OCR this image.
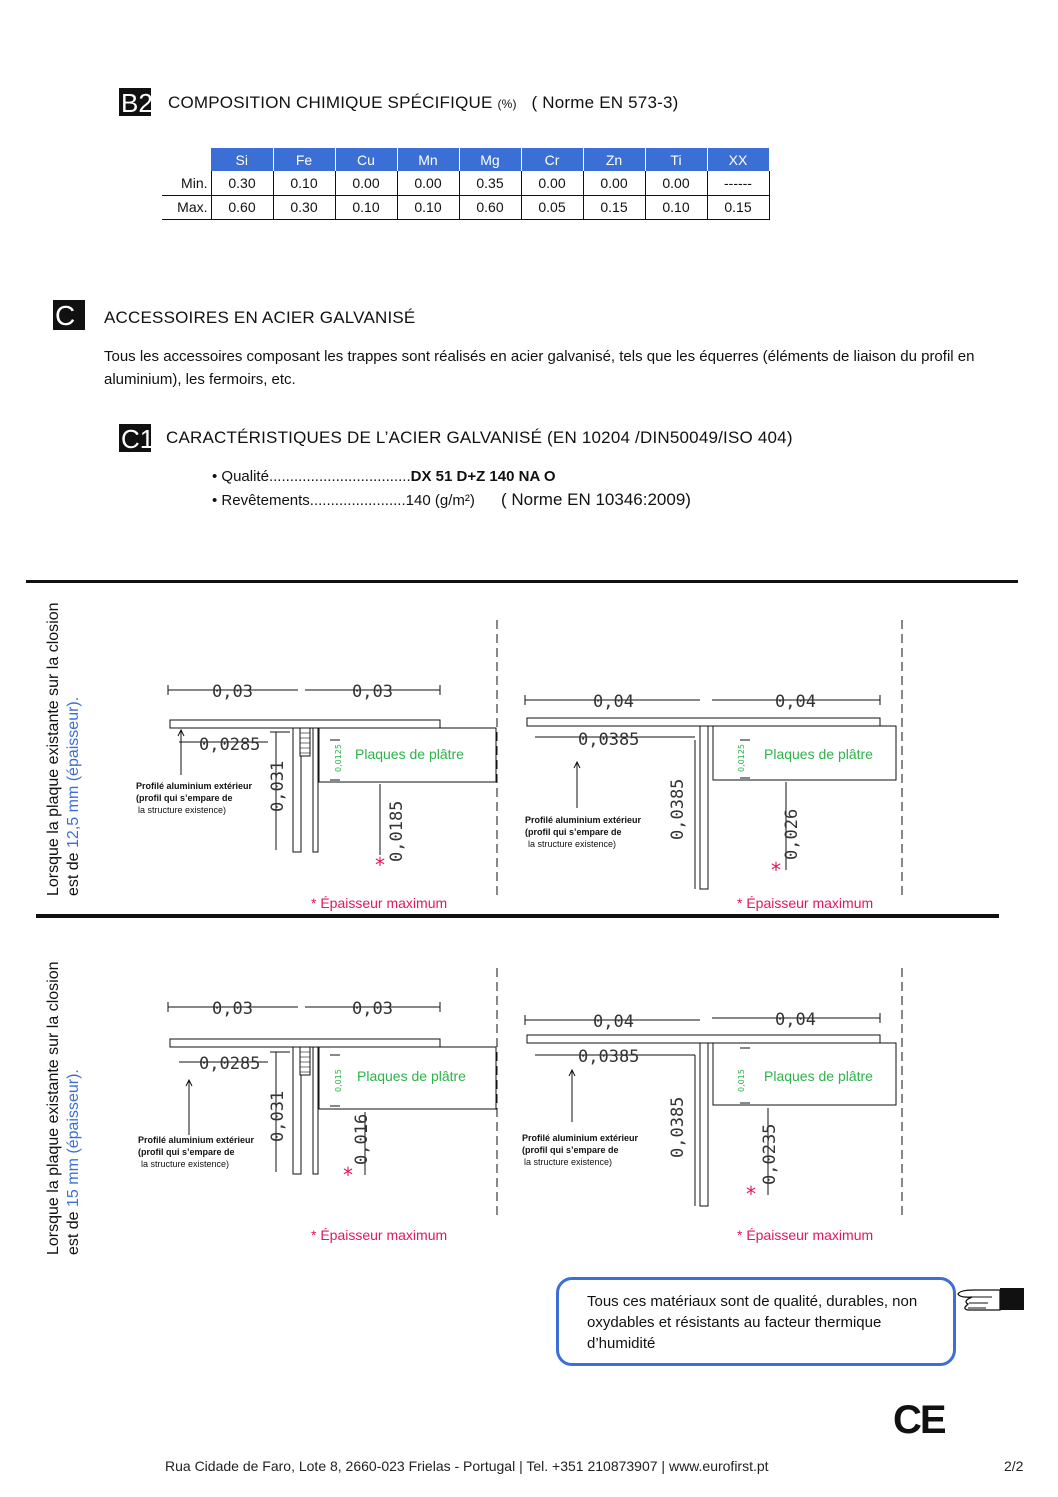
B2 COMPOSITION CHIMIQUE SPÉCIFIQUE (%) ( Norme EN 573-3)
	Si	Fe	Cu	Mn	Mg	Cr	Zn	Ti	XX
Min.	0.30	0.10	0.00	0.00	0.35	0.00	0.00	0.00	------
Max.	0.60	0.30	0.10	0.10	0.60	0.05	0.15	0.10	0.15
C ACCESSOIRES EN ACIER GALVANISÉ
Tous les accessoires composant les trappes sont réalisés en acier galvanisé, tels que les équerres (éléments de liaison du profil en aluminium), les fermoirs, etc.
C1 CARACTÉRISTIQUES DE L’ACIER GALVANISÉ (EN 10204 /DIN50049/ISO 404)
• Qualité..................................DX 51 D+Z 140 NA O
• Revêtements.......................140 (g/m²) ( Norme EN 10346:2009)
Lorsque la plaque existante sur la closion est de 12,5 mm (épaisseur).
Lorsque la plaque existante sur la closion est de 15 mm (épaisseur).
0,03	0,03
0,0285
0,031
0,0185
0,04	0,04
0,0385
0,0385	0,026
0,03	0,03
0,0285
0,031	0,016
0,04	0,04
0,0385
0,0385	0,0235
0,0125	0,0125
0,015	0,015
Plaques de plâtre	Plaques de plâtre
Plaques de plâtre	Plaques de plâtre
Profilé aluminium extérieur
(profil qui s’empare de
la structure existence)
Profilé aluminium extérieur
(profil qui s’empare de
la structure existence)
Profilé aluminium extérieur
(profil qui s’empare de
la structure existence)
Profilé aluminium extérieur
(profil qui s’empare de
la structure existence)
*	*
*
*
* Épaisseur maximum	* Épaisseur maximum
* Épaisseur maximum	* Épaisseur maximum
Tous ces matériaux sont de qualité, durables, non oxydables et résistants au facteur thermique d’humidité
CE
Rua Cidade de Faro, Lote 8, 2660-023 Frielas - Portugal | Tel. +351 210873907 | www.eurofirst.pt	2/2
